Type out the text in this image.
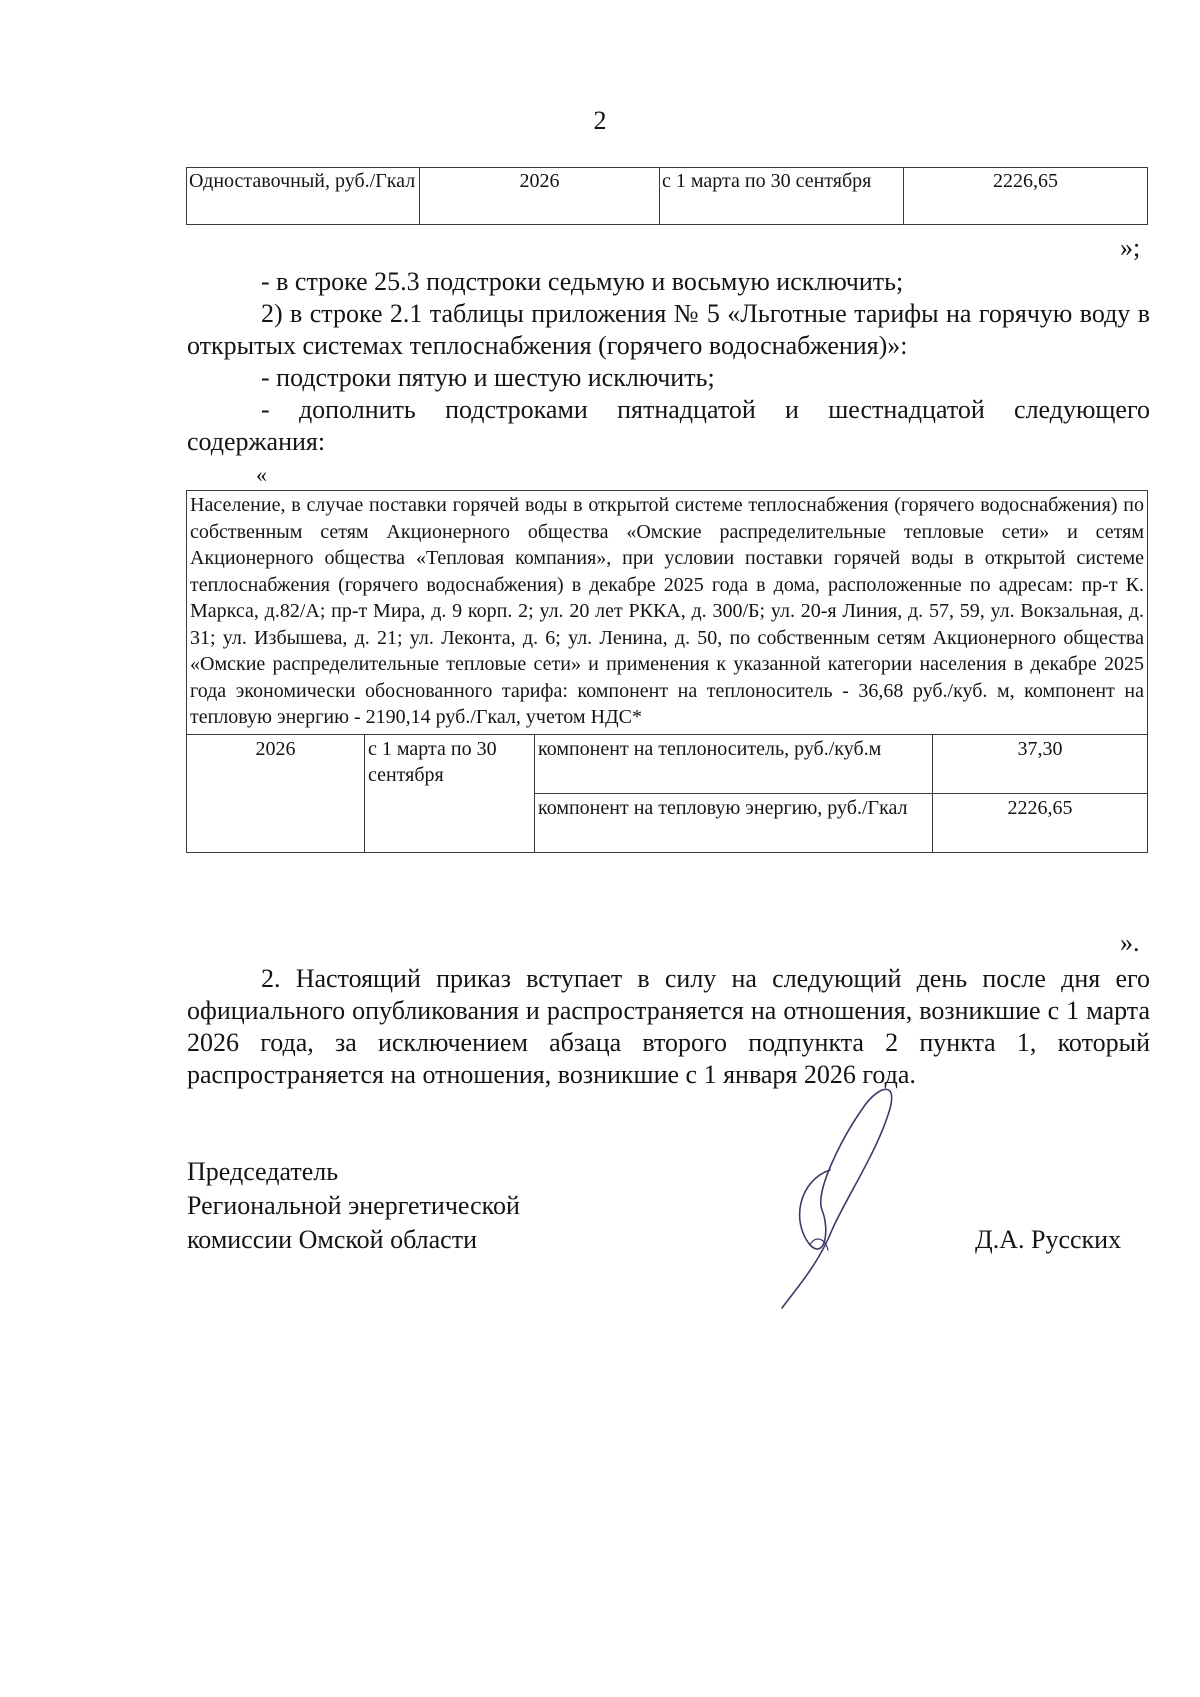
2
Одноставочный, руб./Гкал	2026	с 1 марта по 30 сентября	2226,65
»;
- в строке 25.3 подстроки седьмую и восьмую исключить;
2) в строке 2.1 таблицы приложения № 5 «Льготные тарифы на горячую воду в открытых системах теплоснабжения (горячего водоснабжения)»:
- подстроки пятую и шестую исключить;
- дополнить подстроками пятнадцатой и шестнадцатой следующего
содержания:
«
Население, в случае поставки горячей воды в открытой системе теплоснабжения (горячего водоснабжения) по собственным сетям Акционерного общества «Омские распределительные тепловые сети» и сетям Акционерного общества «Тепловая компания», при условии поставки горячей воды в открытой системе теплоснабжения (горячего водоснабжения) в декабре 2025 года в дома, расположенные по адресам: пр-т К. Маркса, д.82/А; пр-т Мира, д. 9 корп. 2; ул. 20 лет РККА, д. 300/Б; ул. 20-я Линия, д. 57, 59, ул. Вокзальная, д. 31; ул. Избышева, д. 21; ул. Леконта, д. 6; ул. Ленина, д. 50, по собственным сетям Акционерного общества «Омские распределительные тепловые сети» и применения к указанной категории населения в декабре 2025 года экономически обоснованного тарифа: компонент на теплоноситель - 36,68 руб./куб. м, компонент на тепловую энергию - 2190,14 руб./Гкал, учетом НДС*			
2026	с 1 марта по 30 сентября	компонент на теплоноситель, руб./куб.м	37,30
		компонент на тепловую энергию, руб./Гкал	2226,65
».
2. Настоящий приказ вступает в силу на следующий день после дня его официального опубликования и распространяется на отношения, возникшие с 1 марта 2026 года, за исключением абзаца второго подпункта 2 пункта 1, который распространяется на отношения, возникшие с 1 января 2026 года.
Председатель
Региональной энергетической
комиссии Омской области	Д.А. Русских
